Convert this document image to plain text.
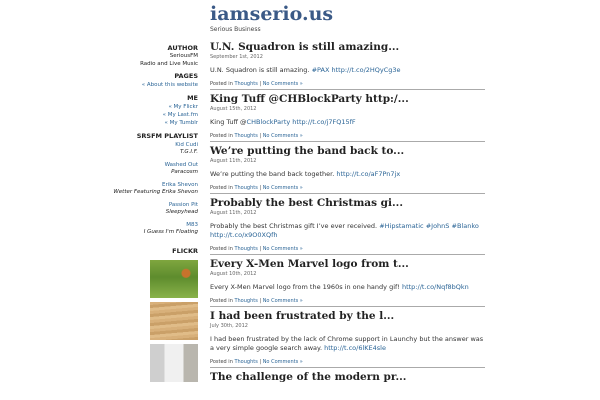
iamserio.us
Serious Business
AUTHOR
SeriousFM
Radio and Live Music
PAGES
« About this website
ME
« My Flickr
« My Last.fm
« My Tumblr
SRSFM PLAYLIST
Kid Cudi
T.G.I.F.
Washed Out
Paracosm
Erika Shevon
Wetter Featuring Erika Shevon
Passion Pit
Sleepyhead
M83
I Guess I'm Floating
FLICKR
U.N. Squadron is still amazing...
September 1st, 2012
U.N. Squadron is still amazing. #PAX http://t.co/2HQyCg3e
Posted in Thoughts | No Comments »
King Tuff @CHBlockParty http:/...
August 15th, 2012
King Tuff @CHBlockParty http://t.co/j7FQ15fF
Posted in Thoughts | No Comments »
We’re putting the band back to...
August 11th, 2012
We’re putting the band back together. http://t.co/aF7Pn7jx
Posted in Thoughts | No Comments »
Probably the best Christmas gi...
August 11th, 2012
Probably the best Christmas gift I’ve ever received. #Hipstamatic #JohnS #Blanko http://t.co/x9O0XQfh
Posted in Thoughts | No Comments »
Every X-Men Marvel logo from t...
August 10th, 2012
Every X-Men Marvel logo from the 1960s in one handy gif! http://t.co/Nqf8bQkn
Posted in Thoughts | No Comments »
I had been frustrated by the l...
July 30th, 2012
I had been frustrated by the lack of Chrome support in Launchy but the answer was a very simple google search away. http://t.co/6lKE4sle
Posted in Thoughts | No Comments »
The challenge of the modern pr...
